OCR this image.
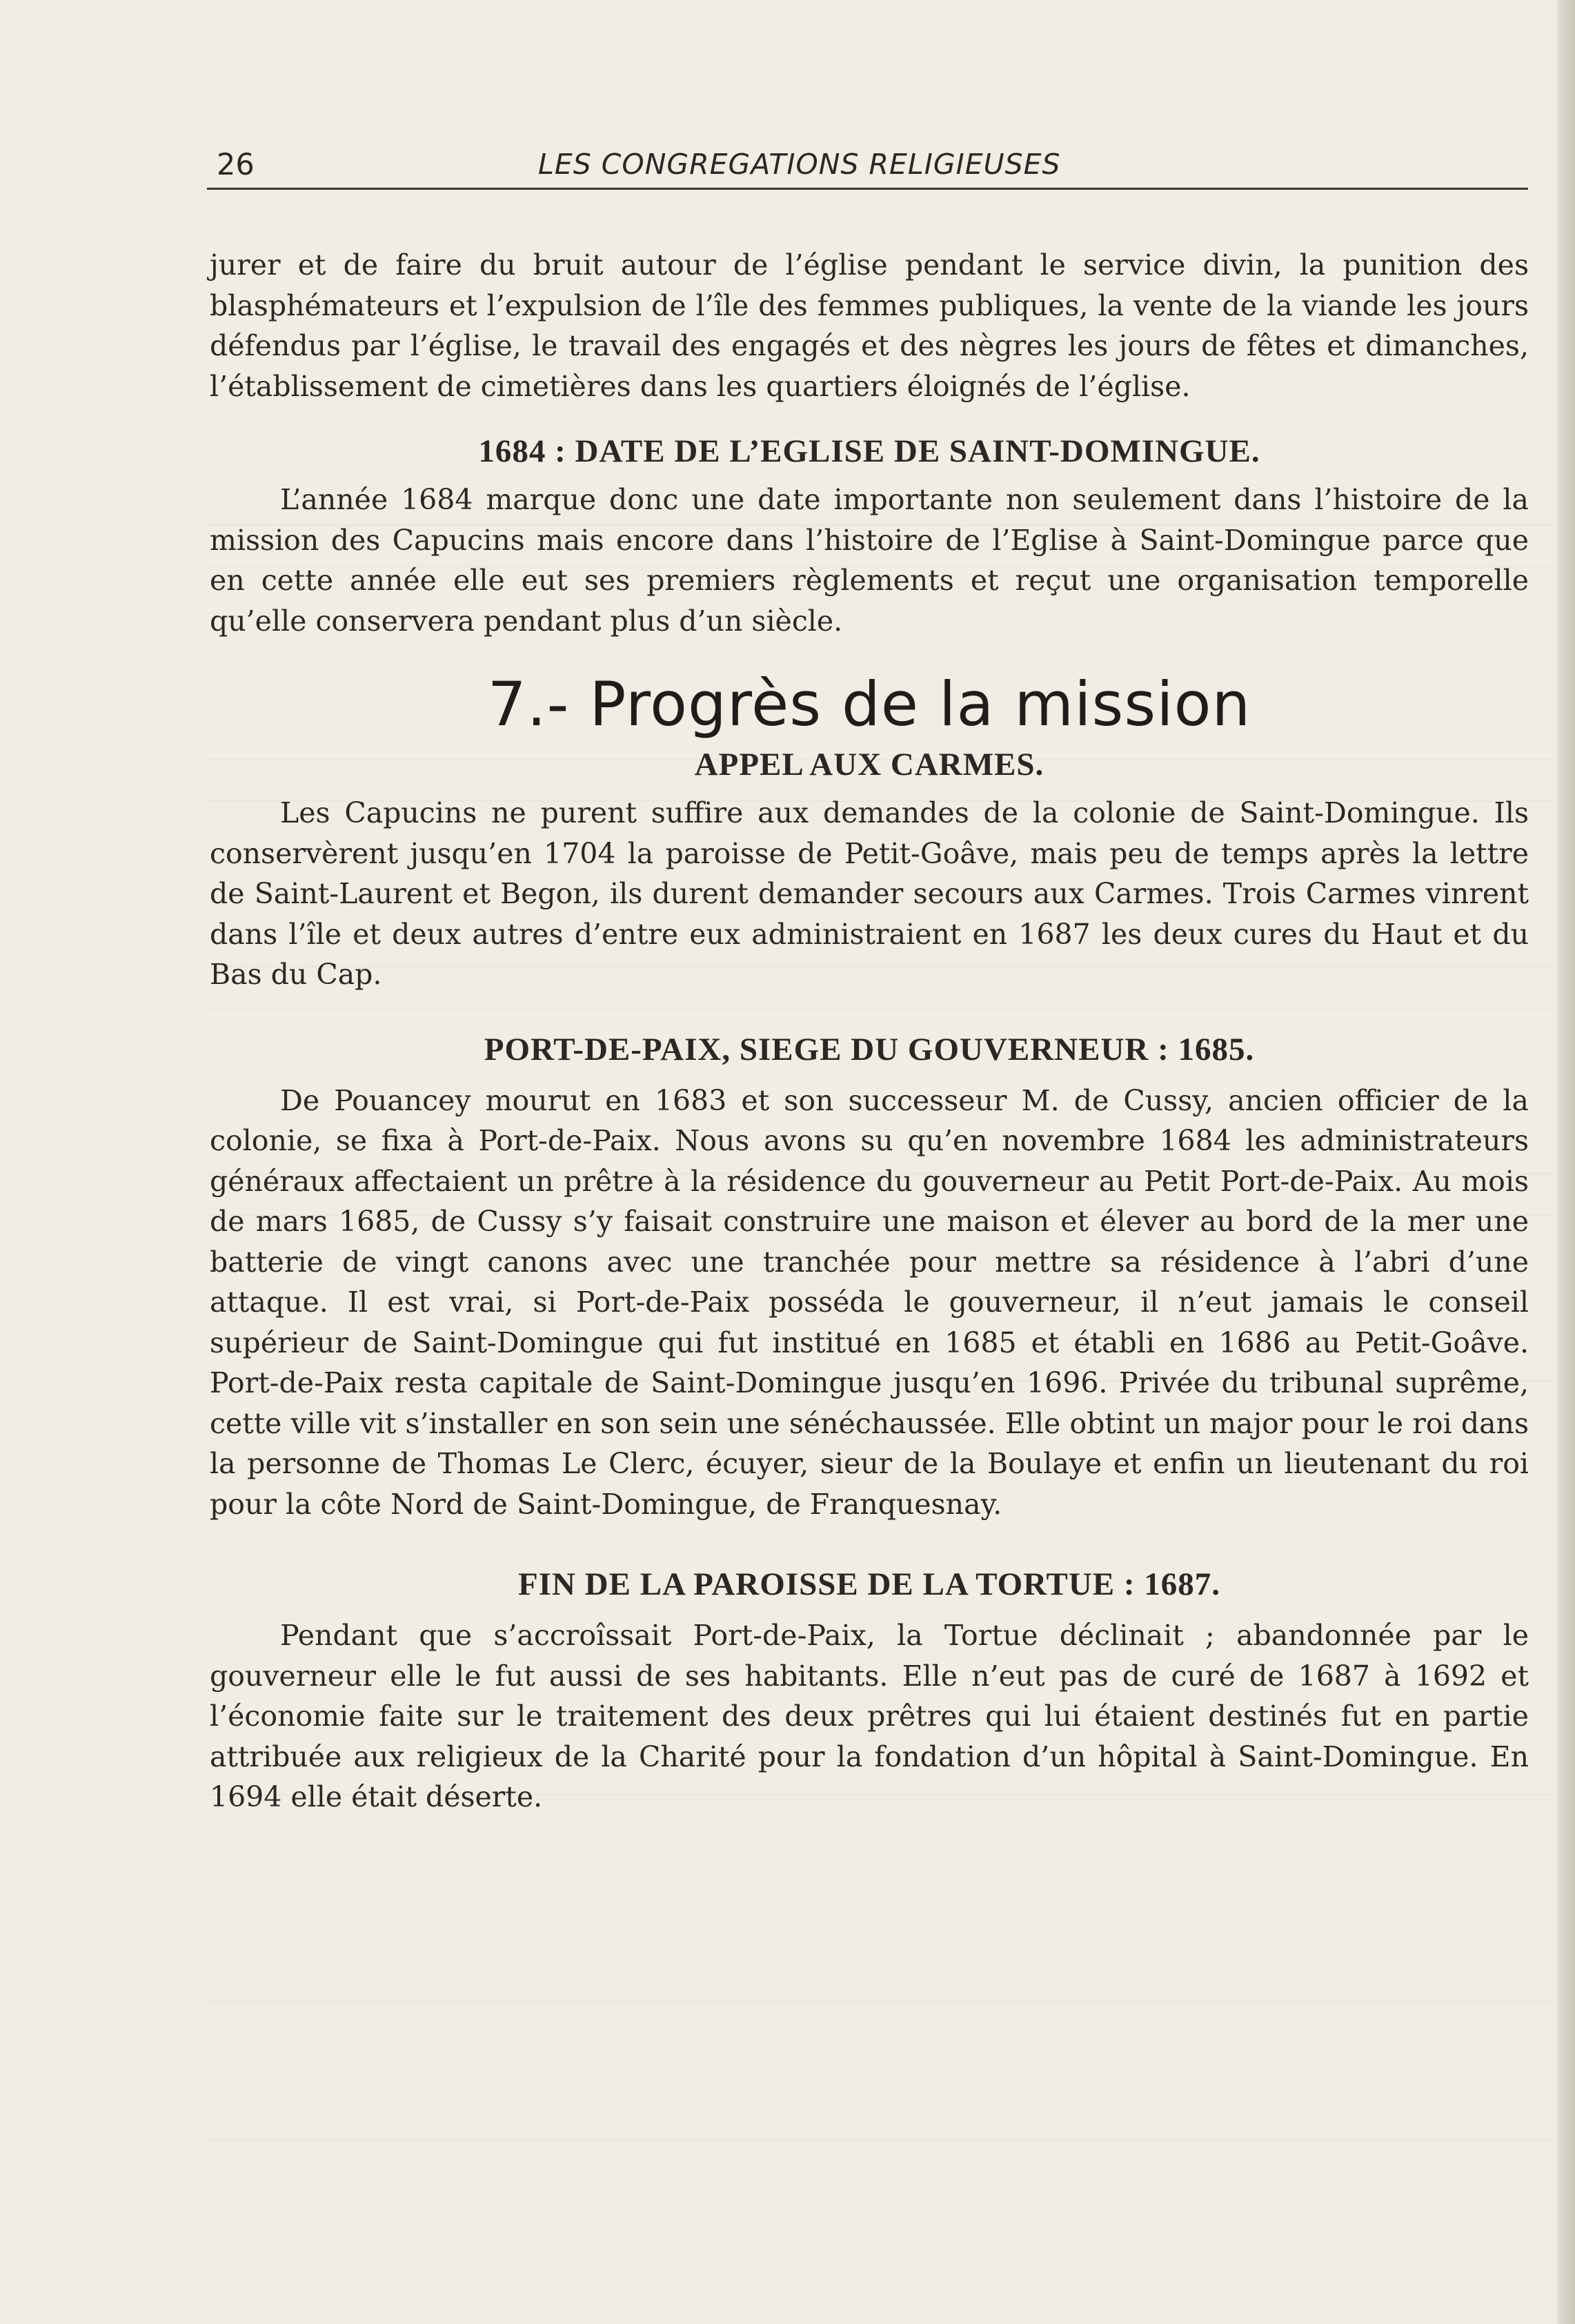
26	LES CONGREGATIONS RELIGIEUSES

jurer et de faire du bruit autour de l’église pendant le service divin, la punition des blasphémateurs et l’expulsion de l’île des femmes publiques, la vente de la viande les jours défendus par l’église, le travail des engagés et des nègres les jours de fêtes et dimanches, l’établissement de cimetières dans les quartiers éloignés de l’église.

1684 : DATE DE L’EGLISE DE SAINT-DOMINGUE.

L’année 1684 marque donc une date importante non seulement dans l’histoire de la mission des Capucins mais encore dans l’histoire de l’Eglise à Saint-Domingue parce que en cette année elle eut ses premiers règlements et reçut une organisation temporelle qu’elle conservera pendant plus d’un siècle.

7.- Progrès de la mission
APPEL AUX CARMES.

Les Capucins ne purent suffire aux demandes de la colonie de Saint-Domingue. Ils conservèrent jusqu’en 1704 la paroisse de Petit-Goâve, mais peu de temps après la lettre de Saint-Laurent et Begon, ils durent demander secours aux Carmes. Trois Carmes vinrent dans l’île et deux autres d’entre eux administraient en 1687 les deux cures du Haut et du Bas du Cap.

PORT-DE-PAIX, SIEGE DU GOUVERNEUR : 1685.

De Pouancey mourut en 1683 et son successeur M. de Cussy, ancien officier de la colonie, se fixa à Port-de-Paix. Nous avons su qu’en novembre 1684 les administrateurs généraux affectaient un prêtre à la résidence du gouverneur au Petit Port-de-Paix. Au mois de mars 1685, de Cussy s’y faisait construire une maison et élever au bord de la mer une batterie de vingt canons avec une tranchée pour mettre sa résidence à l’abri d’une attaque. Il est vrai, si Port-de-Paix posséda le gouverneur, il n’eut jamais le conseil supérieur de Saint-Domingue qui fut institué en 1685 et établi en 1686 au Petit-Goâve. Port-de-Paix resta capitale de Saint-Domingue jusqu’en 1696. Privée du tribunal suprême, cette ville vit s’installer en son sein une sénéchaussée. Elle obtint un major pour le roi dans la personne de Thomas Le Clerc, écuyer, sieur de la Boulaye et enfin un lieutenant du roi pour la côte Nord de Saint-Domingue, de Franquesnay.

FIN DE LA PAROISSE DE LA TORTUE : 1687.

Pendant que s’accroîssait Port-de-Paix, la Tortue déclinait ; abandonnée par le gouverneur elle le fut aussi de ses habitants. Elle n’eut pas de curé de 1687 à 1692 et l’économie faite sur le traitement des deux prêtres qui lui étaient destinés fut en partie attribuée aux religieux de la Charité pour la fondation d’un hôpital à Saint-Domingue. En 1694 elle était déserte.
